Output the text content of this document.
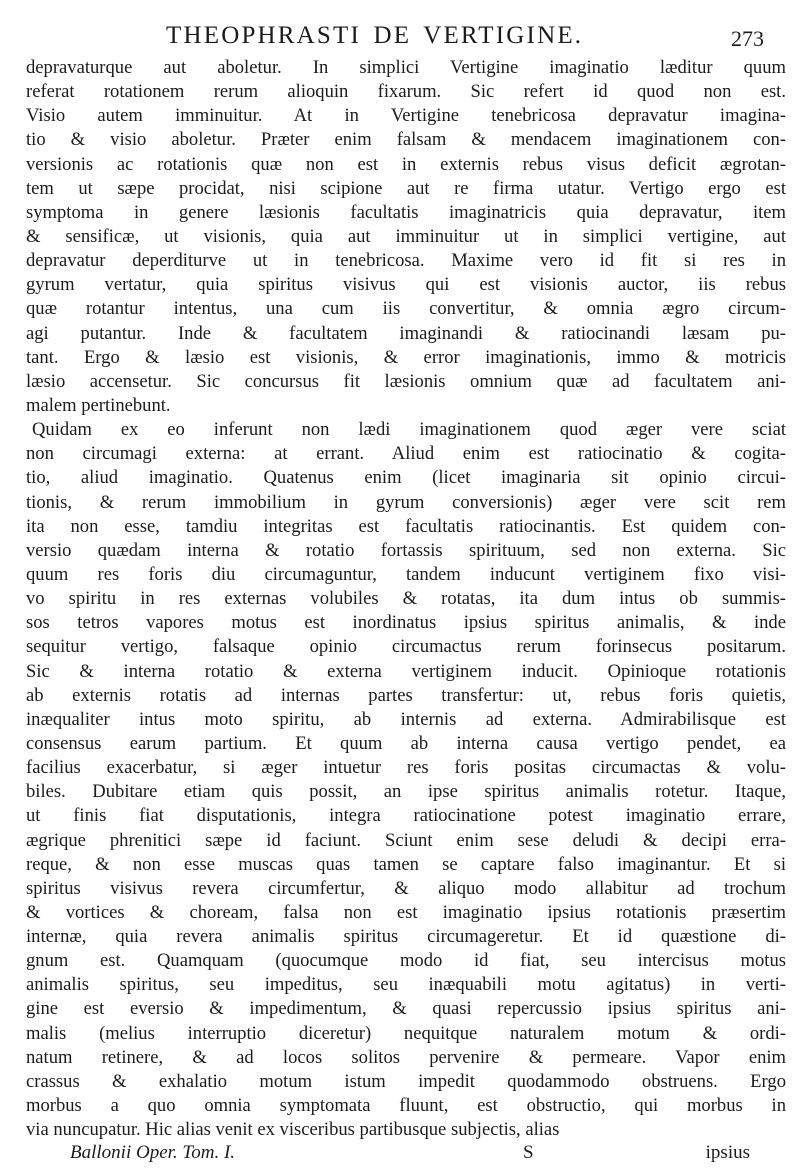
THEOPHRASTI DE VERTIGINE.	273
depravaturque aut aboletur. In simplici Vertigine imaginatio læditur quum
referat rotationem rerum alioquin fixarum. Sic refert id quod non est.
Visio autem imminuitur. At in Vertigine tenebricosa depravatur imagina-
tio & visio aboletur. Præter enim falsam & mendacem imaginationem con-
versionis ac rotationis quæ non est in externis rebus visus deficit ægrotan-
tem ut sæpe procidat, nisi scipione aut re firma utatur. Vertigo ergo est
symptoma in genere læsionis facultatis imaginatricis quia depravatur, item
& sensificæ, ut visionis, quia aut imminuitur ut in simplici vertigine, aut
depravatur deperditurve ut in tenebricosa. Maxime vero id fit si res in
gyrum vertatur, quia spiritus visivus qui est visionis auctor, iis rebus
quæ rotantur intentus, una cum iis convertitur, & omnia ægro circum-
agi putantur. Inde & facultatem imaginandi & ratiocinandi læsam pu-
tant. Ergo & læsio est visionis, & error imaginationis, immo & motricis
læsio accensetur. Sic concursus fit læsionis omnium quæ ad facultatem ani-
malem pertinebunt.
Quidam ex eo inferunt non lædi imaginationem quod æger vere sciat
non circumagi externa: at errant. Aliud enim est ratiocinatio & cogita-
tio, aliud imaginatio. Quatenus enim (licet imaginaria sit opinio circui-
tionis, & rerum immobilium in gyrum conversionis) æger vere scit rem
ita non esse, tamdiu integritas est facultatis ratiocinantis. Est quidem con-
versio quædam interna & rotatio fortassis spirituum, sed non externa. Sic
quum res foris diu circumaguntur, tandem inducunt vertiginem fixo visi-
vo spiritu in res externas volubiles & rotatas, ita dum intus ob summis-
sos tetros vapores motus est inordinatus ipsius spiritus animalis, & inde
sequitur vertigo, falsaque opinio circumactus rerum forinsecus positarum.
Sic & interna rotatio & externa vertiginem inducit. Opinioque rotationis
ab externis rotatis ad internas partes transfertur: ut, rebus foris quietis,
inæqualiter intus moto spiritu, ab internis ad externa. Admirabilisque est
consensus earum partium. Et quum ab interna causa vertigo pendet, ea
facilius exacerbatur, si æger intuetur res foris positas circumactas & volu-
biles. Dubitare etiam quis possit, an ipse spiritus animalis rotetur. Itaque,
ut finis fiat disputationis, integra ratiocinatione potest imaginatio errare,
ægrique phrenitici sæpe id faciunt. Sciunt enim sese deludi & decipi erra-
reque, & non esse muscas quas tamen se captare falso imaginantur. Et si
spiritus visivus revera circumfertur, & aliquo modo allabitur ad trochum
& vortices & choream, falsa non est imaginatio ipsius rotationis præsertim
internæ, quia revera animalis spiritus circumageretur. Et id quæstione di-
gnum est. Quamquam (quocumque modo id fiat, seu intercisus motus
animalis spiritus, seu impeditus, seu inæquabili motu agitatus) in verti-
gine est eversio & impedimentum, & quasi repercussio ipsius spiritus ani-
malis (melius interruptio diceretur) nequitque naturalem motum & ordi-
natum retinere, & ad locos solitos pervenire & permeare. Vapor enim
crassus & exhalatio motum istum impedit quodammodo obstruens. Ergo
morbus a quo omnia symptomata fluunt, est obstructio, qui morbus in
via nuncupatur. Hic alias venit ex visceribus partibusque subjectis, alias
Ballonii Oper. Tom. I.	S	ipsius
